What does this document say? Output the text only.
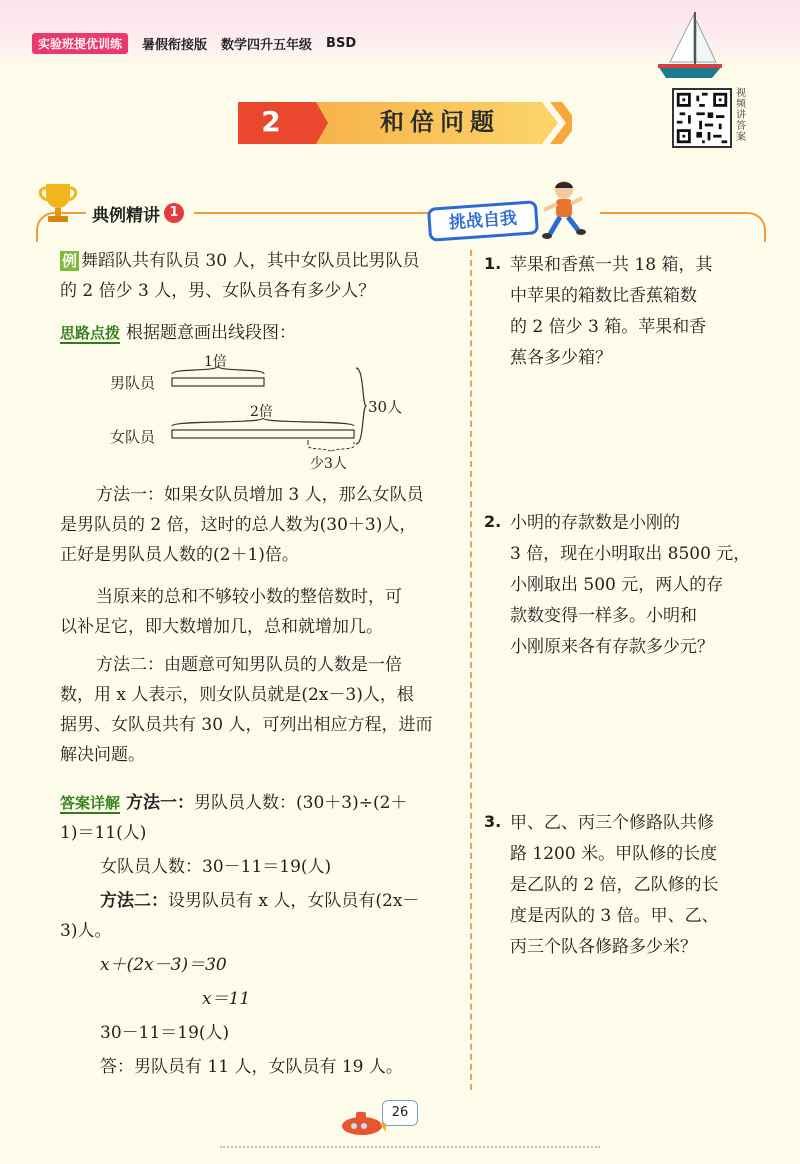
实验班提优训练	暑假衔接版 数学四升五年级 BSD
视频讲答案
2	和倍问题
典例精讲 1	挑战自我
例 舞蹈队共有队员 30 人，其中女队员比男队员
的 2 倍少 3 人，男、女队员各有多少人？
思路点拨 根据题意画出线段图：
男队员
女队员
1倍
2倍
少3人
30人
方法一：如果女队员增加 3 人，那么女队员
是男队员的 2 倍，这时的总人数为(30＋3)人，
正好是男队员人数的(2＋1)倍。
当原来的总和不够较小数的整倍数时，可
以补足它，即大数增加几，总和就增加几。
方法二：由题意可知男队员的人数是一倍
数，用 x 人表示，则女队员就是(2x－3)人，根
据男、女队员共有 30 人，可列出相应方程，进而
解决问题。
答案详解 方法一：男队员人数：(30＋3)÷(2＋
1)＝11(人)
女队员人数：30－11＝19(人)
方法二：设男队员有 x 人，女队员有(2x－
3)人。
x＋(2x－3)＝30
x＝11
30－11＝19(人)
答：男队员有 11 人，女队员有 19 人。
1. 苹果和香蕉一共 18 箱，其
中苹果的箱数比香蕉箱数
的 2 倍少 3 箱。苹果和香
蕉各多少箱？
2. 小明的存款数是小刚的
3 倍，现在小明取出 8500 元，
小刚取出 500 元，两人的存
款数变得一样多。小明和
小刚原来各有存款多少元？
3. 甲、乙、丙三个修路队共修
路 1200 米。甲队修的长度
是乙队的 2 倍，乙队修的长
度是丙队的 3 倍。甲、乙、
丙三个队各修路多少米？
26
